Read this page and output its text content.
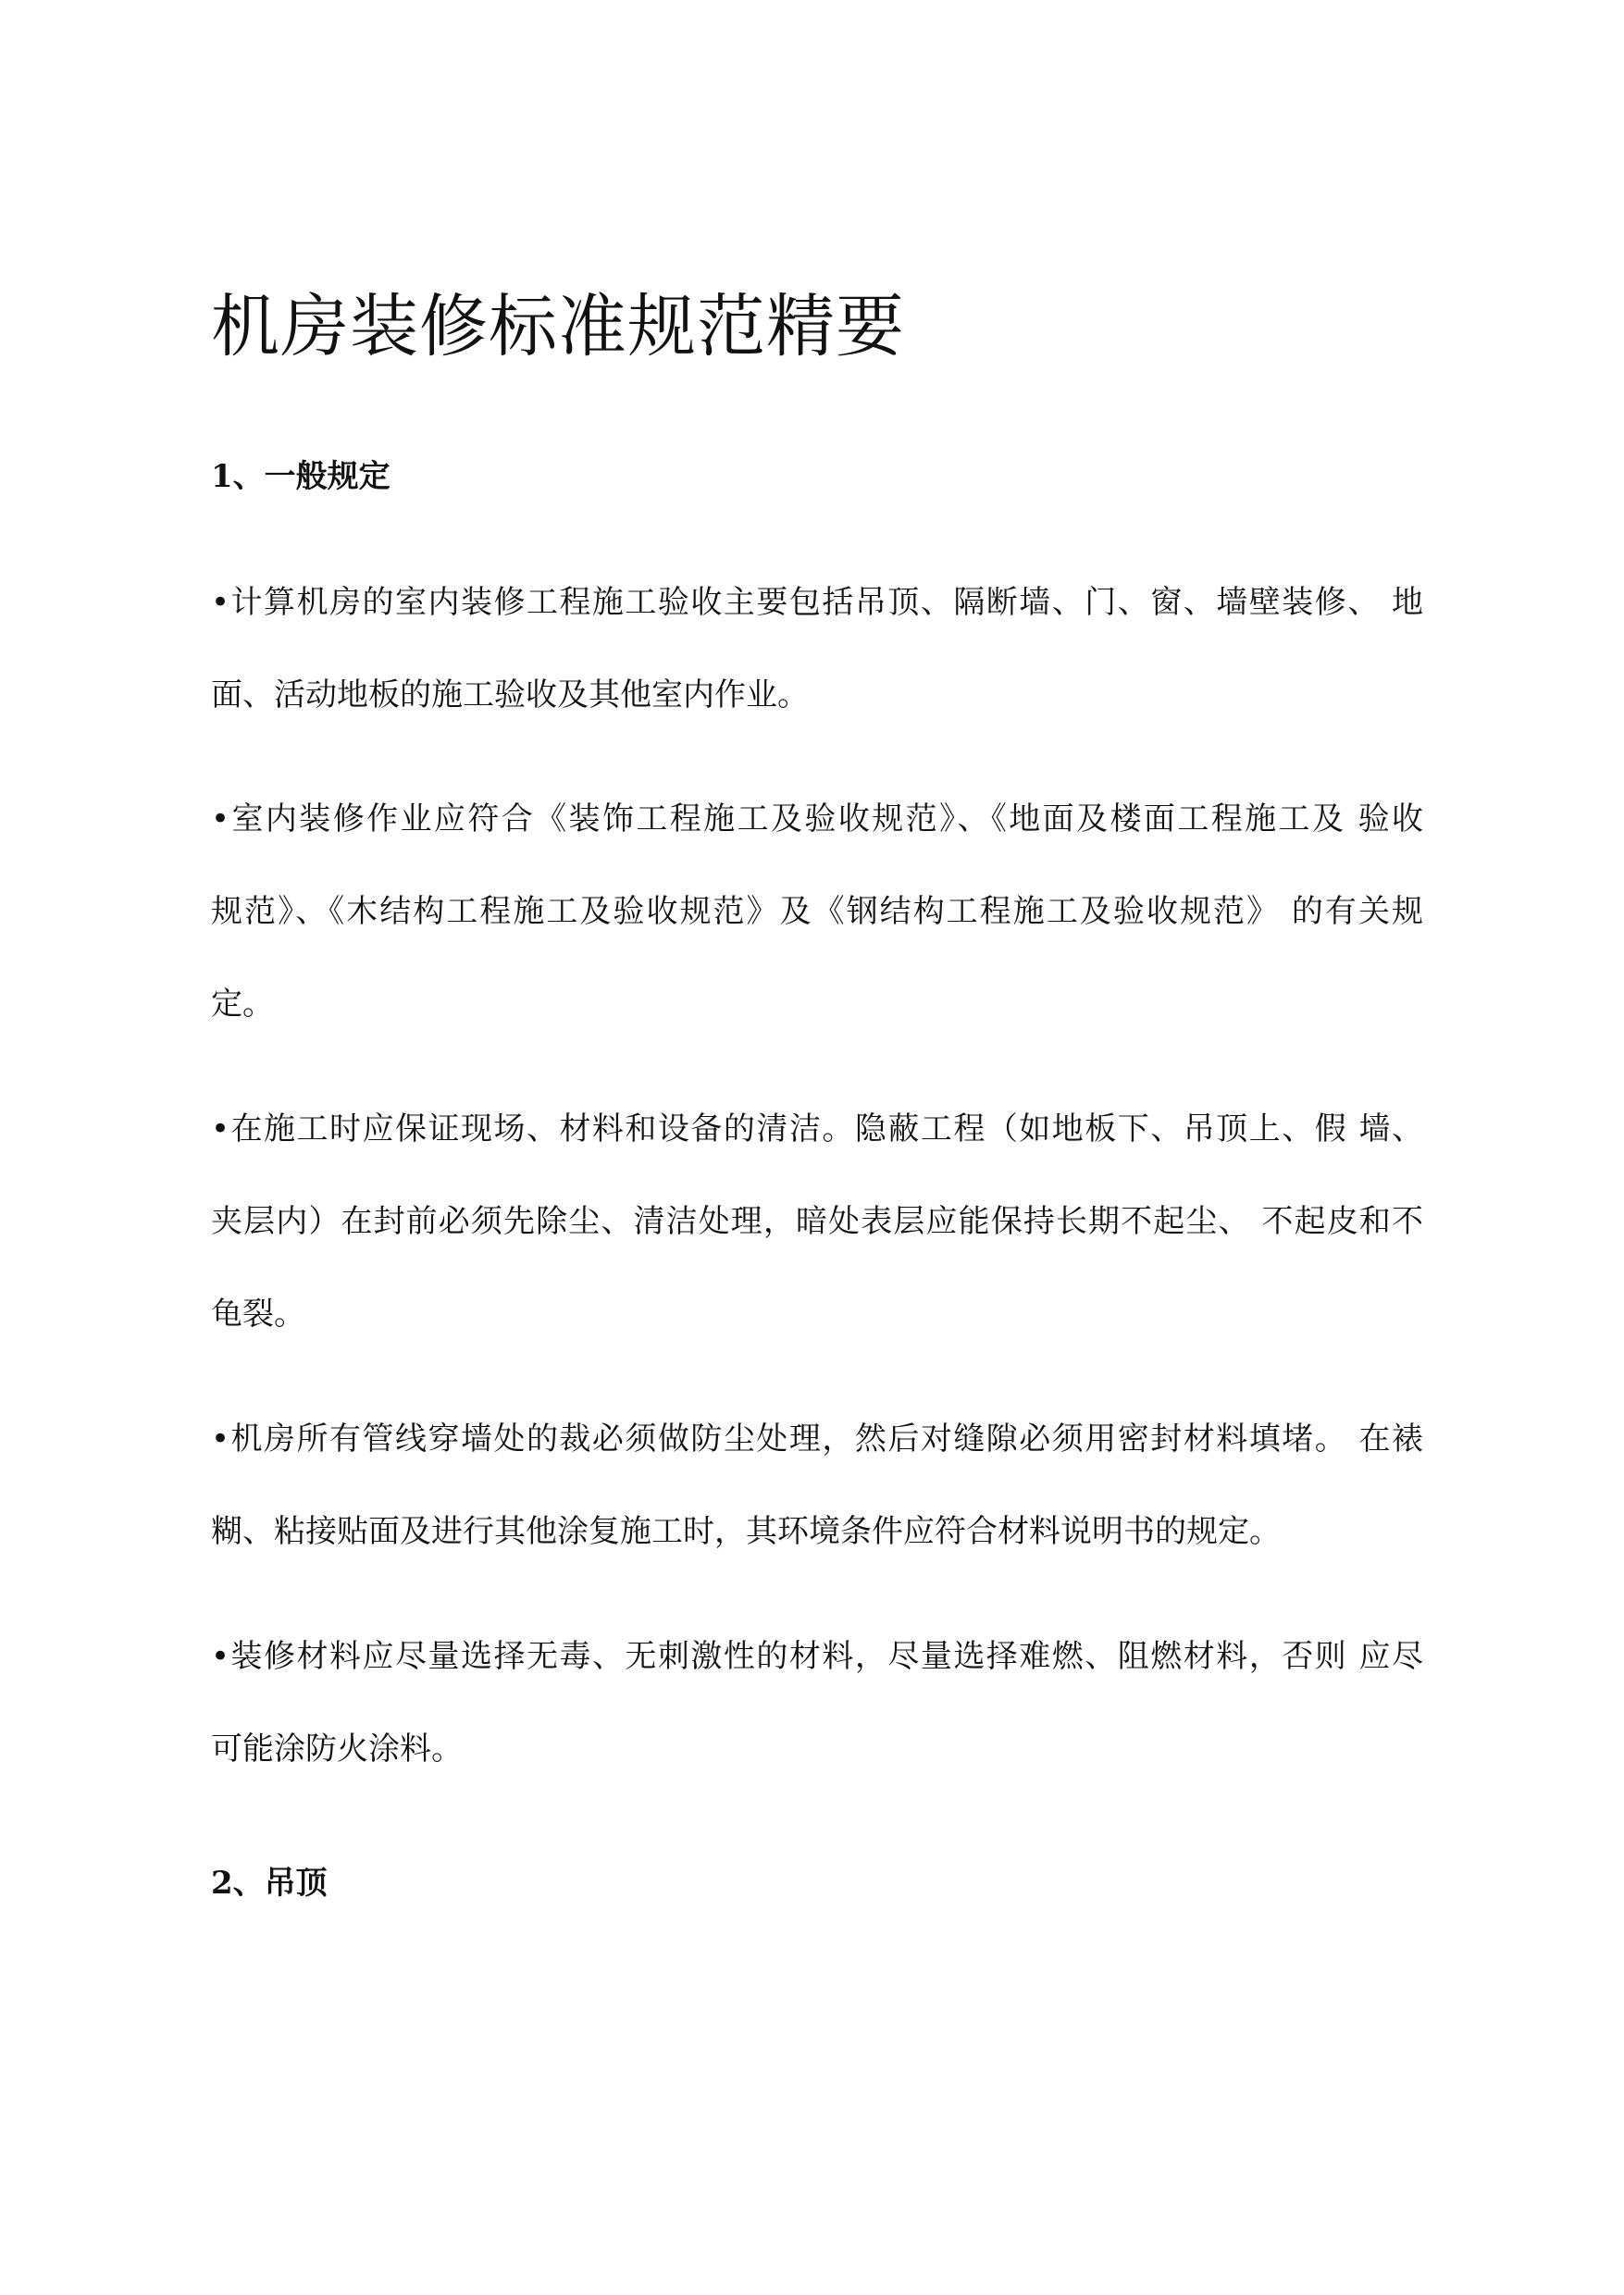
机房装修标准规范精要
1、一般规定
•计算机房的室内装修工程施工验收主要包括吊顶、隔断墙、门、窗、墙壁装修、 地
面、活动地板的施工验收及其他室内作业。
•室内装修作业应符合《装饰工程施工及验收规范》、《地面及楼面工程施工及 验收
规范》、《木结构工程施工及验收规范》及《钢结构工程施工及验收规范》 的有关规
定。
•在施工时应保证现场、材料和设备的清洁。隐蔽工程（如地板下、吊顶上、假 墙、
夹层内）在封前必须先除尘、清洁处理，暗处表层应能保持长期不起尘、 不起皮和不
龟裂。
•机房所有管线穿墙处的裁必须做防尘处理，然后对缝隙必须用密封材料填堵。 在裱
糊、粘接贴面及进行其他涂复施工时，其环境条件应符合材料说明书的规定。
•装修材料应尽量选择无毒、无刺激性的材料，尽量选择难燃、阻燃材料，否则 应尽
可能涂防火涂料。
2、吊顶
